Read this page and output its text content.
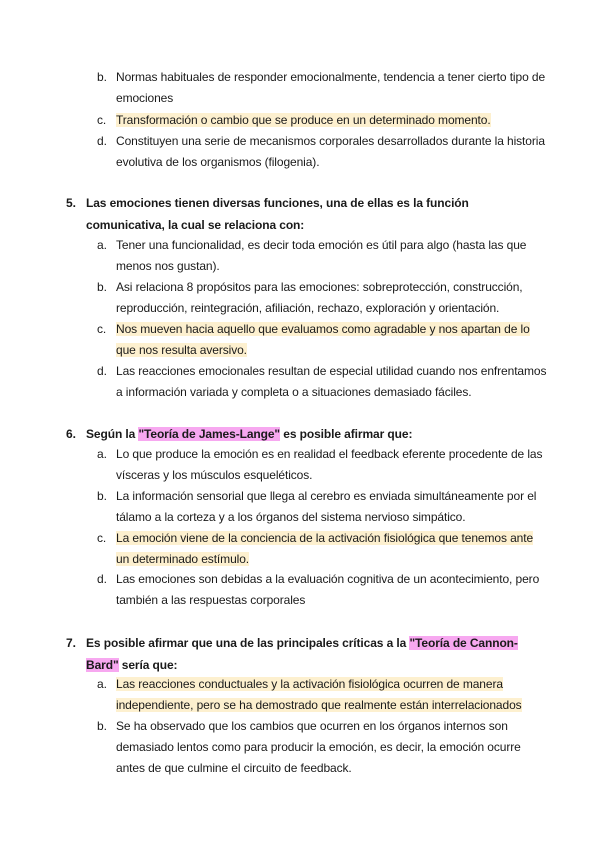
b. Normas habituales de responder emocionalmente, tendencia a tener cierto tipo de emociones
c. Transformación o cambio que se produce en un determinado momento.
d. Constituyen una serie de mecanismos corporales desarrollados durante la historia evolutiva de los organismos (filogenia).
5. Las emociones tienen diversas funciones, una de ellas es la función comunicativa, la cual se relaciona con:
a. Tener una funcionalidad, es decir toda emoción es útil para algo (hasta las que menos nos gustan).
b. Asi relaciona 8 propósitos para las emociones: sobreprotección, construcción, reproducción, reintegración, afiliación, rechazo, exploración y orientación.
c. Nos mueven hacia aquello que evaluamos como agradable y nos apartan de lo que nos resulta aversivo.
d. Las reacciones emocionales resultan de especial utilidad cuando nos enfrentamos a información variada y completa o a situaciones demasiado fáciles.
6. Según la "Teoría de James-Lange" es posible afirmar que:
a. Lo que produce la emoción es en realidad el feedback eferente procedente de las vísceras y los músculos esqueléticos.
b. La información sensorial que llega al cerebro es enviada simultáneamente por el tálamo a la corteza y a los órganos del sistema nervioso simpático.
c. La emoción viene de la conciencia de la activación fisiológica que tenemos ante un determinado estímulo.
d. Las emociones son debidas a la evaluación cognitiva de un acontecimiento, pero también a las respuestas corporales
7. Es posible afirmar que una de las principales críticas a la "Teoría de Cannon-Bard" sería que:
a. Las reacciones conductuales y la activación fisiológica ocurren de manera independiente, pero se ha demostrado que realmente están interrelacionados
b. Se ha observado que los cambios que ocurren en los órganos internos son demasiado lentos como para producir la emoción, es decir, la emoción ocurre antes de que culmine el circuito de feedback.
